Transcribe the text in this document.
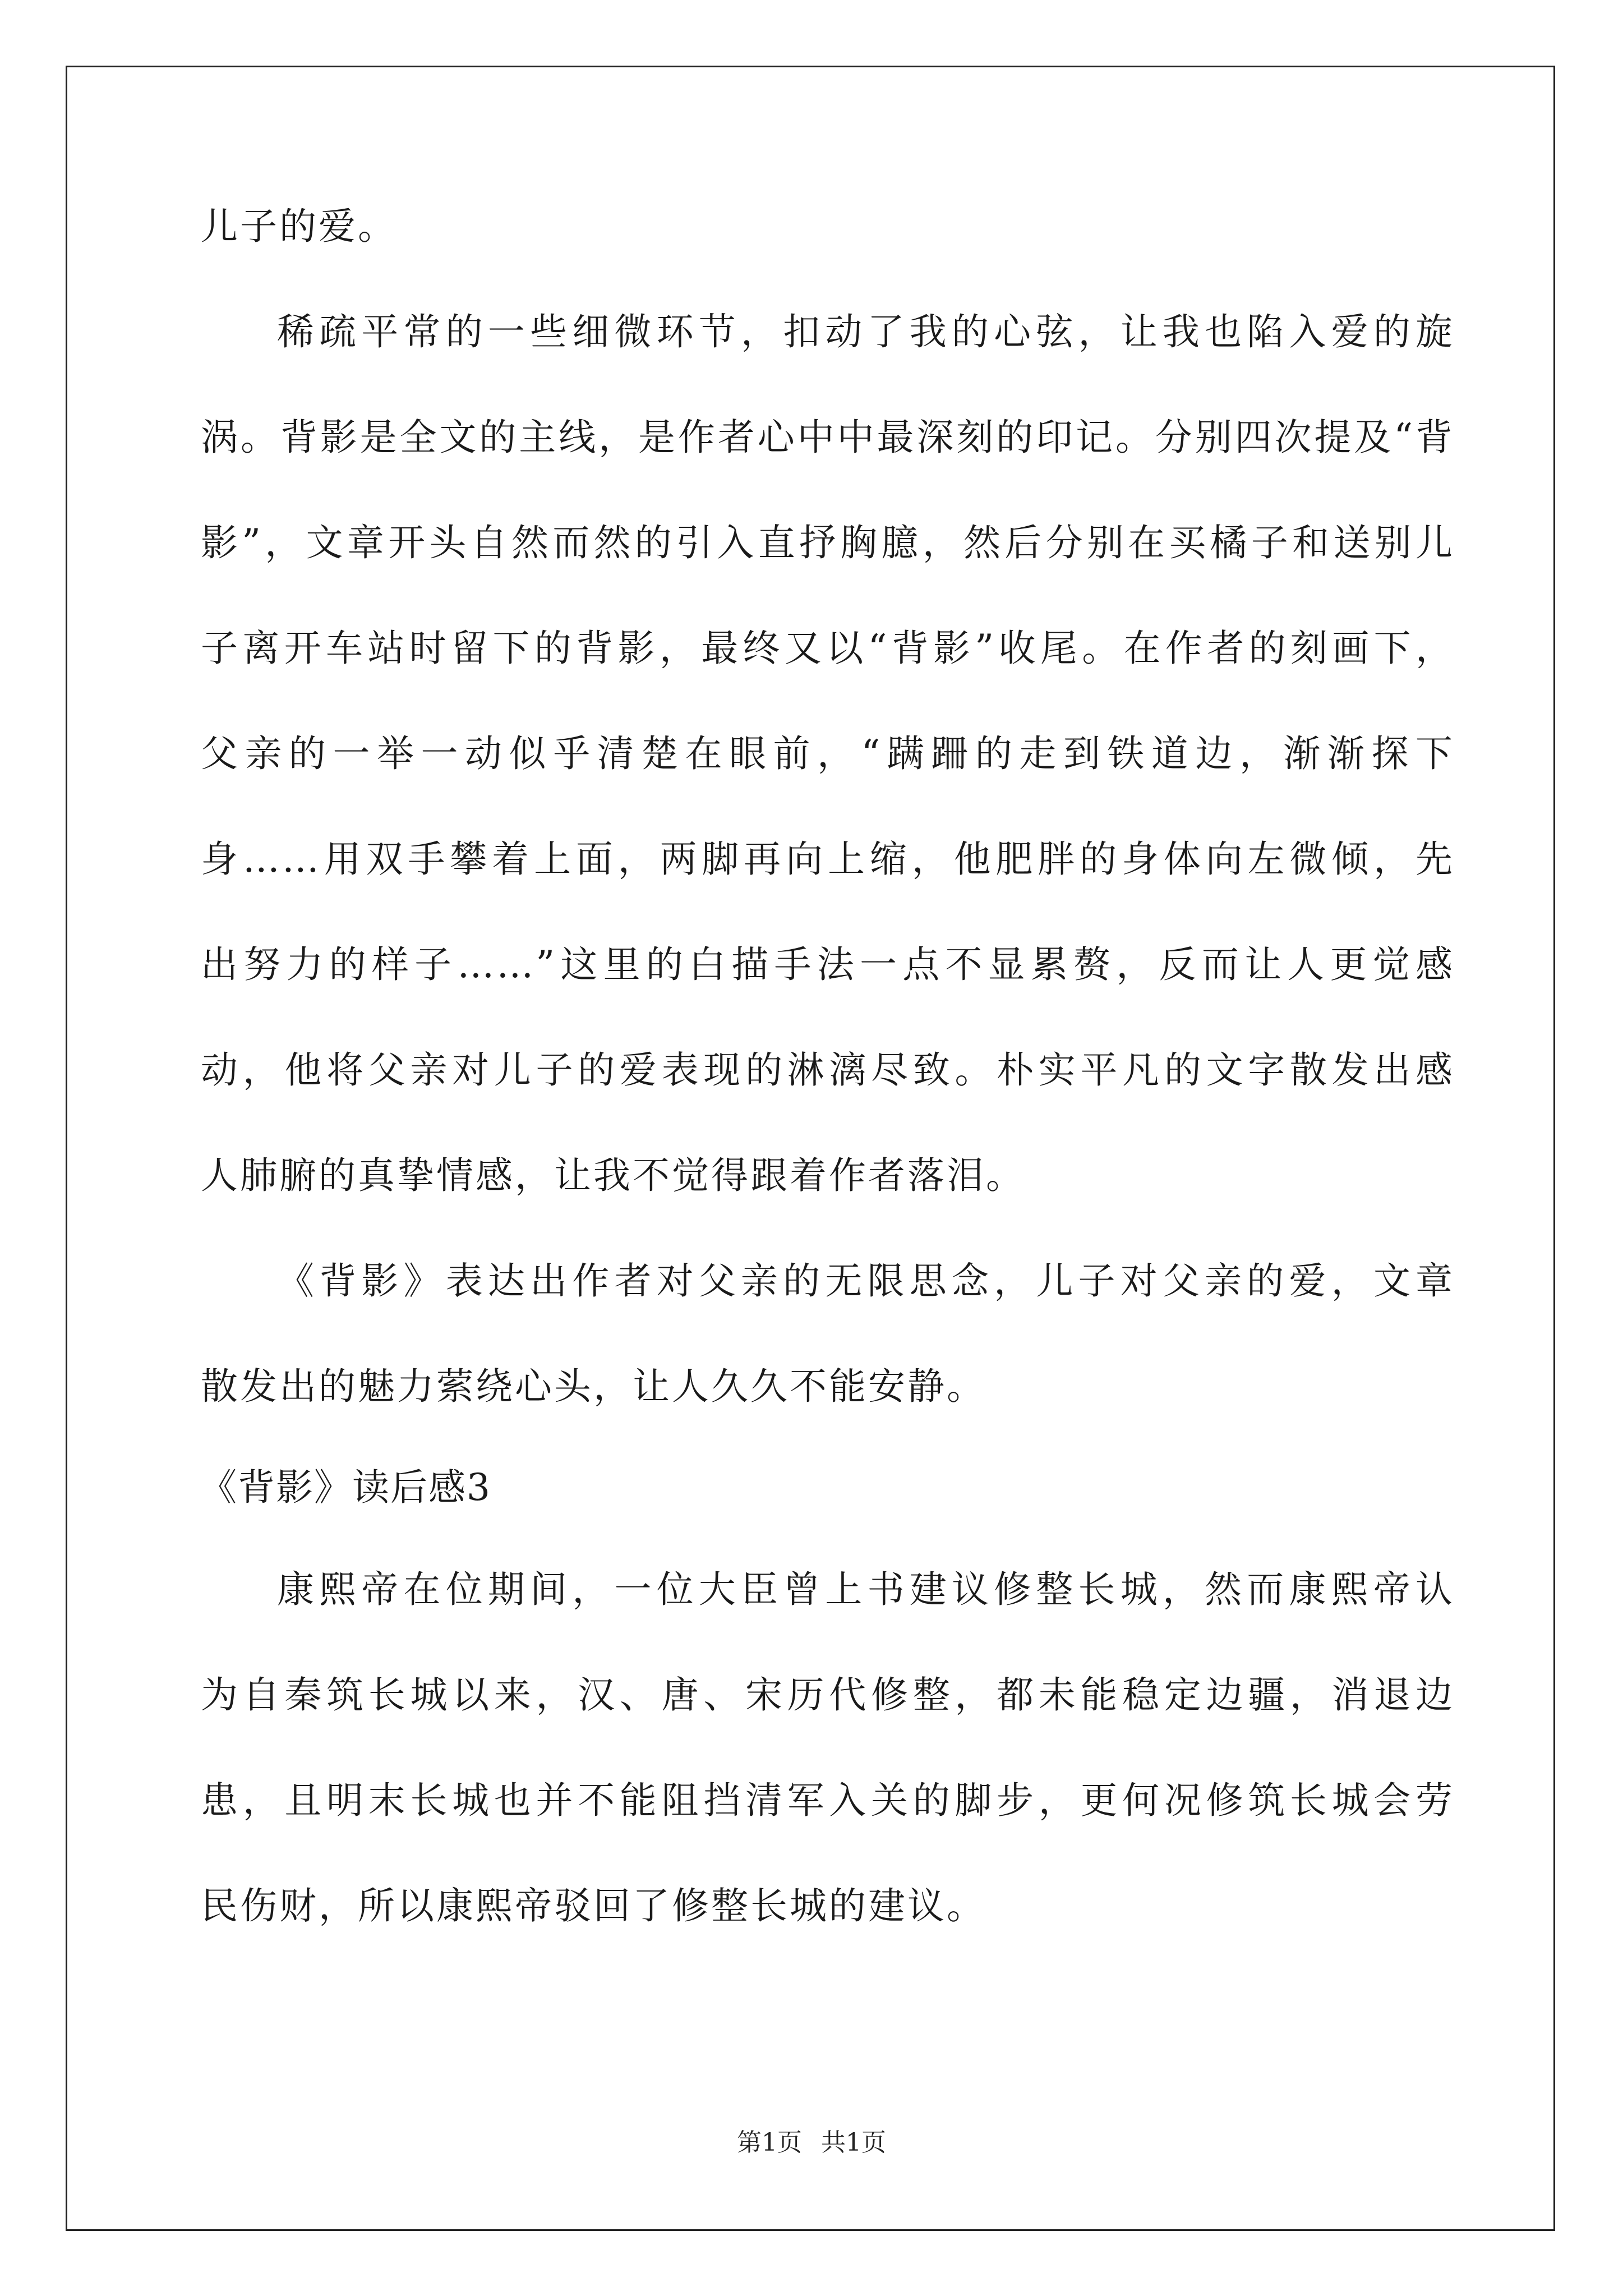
儿子的爱。
稀疏平常的一些细微环节，扣动了我的心弦，让我也陷入爱的旋
涡。背影是全文的主线，是作者心中中最深刻的印记。分别四次提及“背
影”，文章开头自然而然的引入直抒胸臆，然后分别在买橘子和送别儿
子离开车站时留下的背影，最终又以“背影”收尾。在作者的刻画下，
父亲的一举一动似乎清楚在眼前，“蹒跚的走到铁道边，渐渐探下
身……用双手攀着上面，两脚再向上缩，他肥胖的身体向左微倾，先
出努力的样子……”这里的白描手法一点不显累赘，反而让人更觉感
动，他将父亲对儿子的爱表现的淋漓尽致。朴实平凡的文字散发出感
人肺腑的真挚情感，让我不觉得跟着作者落泪。
《背影》表达出作者对父亲的无限思念，儿子对父亲的爱，文章
散发出的魅力萦绕心头，让人久久不能安静。
《背影》读后感3
康熙帝在位期间，一位大臣曾上书建议修整长城，然而康熙帝认
为自秦筑长城以来，汉、唐、宋历代修整，都未能稳定边疆，消退边
患，且明末长城也并不能阻挡清军入关的脚步，更何况修筑长城会劳
民伤财，所以康熙帝驳回了修整长城的建议。
第1页 共1页
